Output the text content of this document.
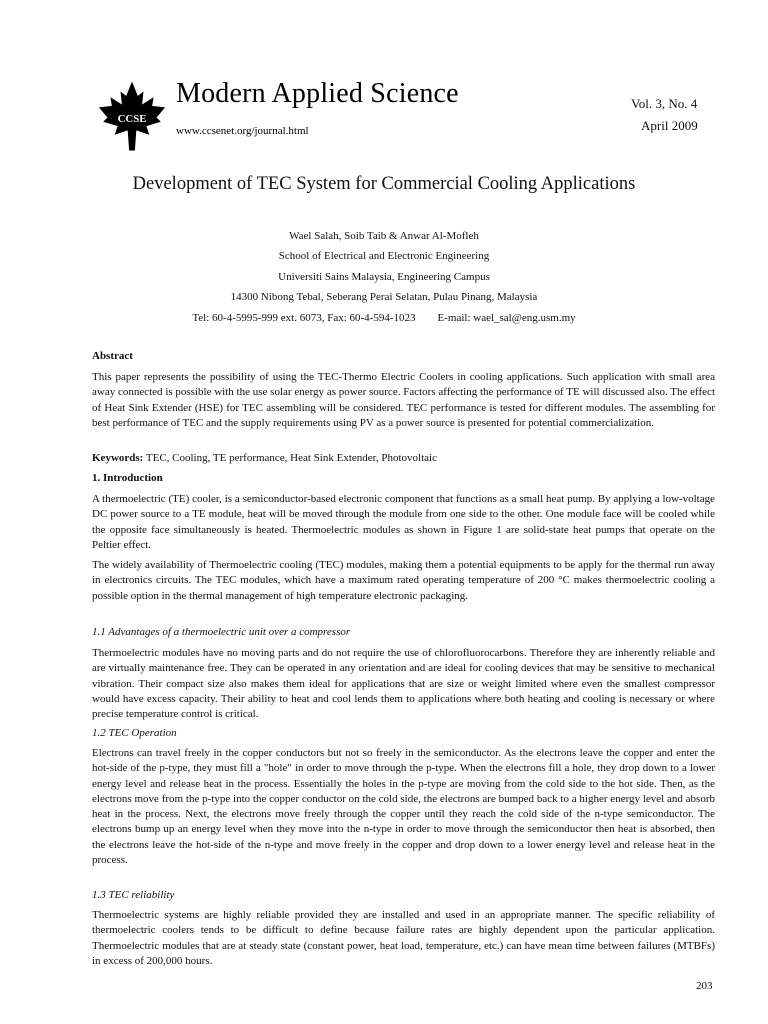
CCSE
Modern Applied Science
www.ccsenet.org/journal.html
Vol. 3, No. 4
April 2009
Development of TEC System for Commercial Cooling Applications
Wael Salah, Soib Taib & Anwar Al-Mofleh
School of Electrical and Electronic Engineering
Universiti Sains Malaysia, Engineering Campus
14300 Nibong Tebal, Seberang Perai Selatan, Pulau Pinang, Malaysia
Tel: 60-4-5995-999 ext. 6073, Fax: 60-4-594-1023 E-mail: wael_sal@eng.usm.my
Abstract

This paper represents the possibility of using the TEC-Thermo Electric Coolers in cooling applications. Such application with small area away connected is possible with the use solar energy as power source. Factors affecting the performance of TE will discussed also. The effect of Heat Sink Extender (HSE) for TEC assembling will be considered. TEC performance is tested for different modules. The assembling for best performance of TEC and the supply requirements using PV as a power source is presented for potential commercialization.

Keywords: TEC, Cooling, TE performance, Heat Sink Extender, Photovoltaic

1. Introduction

A thermoelectric (TE) cooler, is a semiconductor-based electronic component that functions as a small heat pump. By applying a low-voltage DC power source to a TE module, heat will be moved through the module from one side to the other. One module face will be cooled while the opposite face simultaneously is heated. Thermoelectric modules as shown in Figure 1 are solid-state heat pumps that operate on the Peltier effect.

The widely availability of Thermoelectric cooling (TEC) modules, making them a potential equipments to be apply for the thermal run away in electronics circuits. The TEC modules, which have a maximum rated operating temperature of 200 °C makes thermoelectric cooling a possible option in the thermal management of high temperature electronic packaging.

1.1 Advantages of a thermoelectric unit over a compressor

Thermoelectric modules have no moving parts and do not require the use of chlorofluorocarbons. Therefore they are inherently reliable and are virtually maintenance free. They can be operated in any orientation and are ideal for cooling devices that may be sensitive to mechanical vibration. Their compact size also makes them ideal for applications that are size or weight limited where even the smallest compressor would have excess capacity. Their ability to heat and cool lends them to applications where both heating and cooling is necessary or where precise temperature control is critical.

1.2 TEC Operation

Electrons can travel freely in the copper conductors but not so freely in the semiconductor. As the electrons leave the copper and enter the hot-side of the p-type, they must fill a "hole" in order to move through the p-type. When the electrons fill a hole, they drop down to a lower energy level and release heat in the process. Essentially the holes in the p-type are moving from the cold side to the hot side. Then, as the electrons move from the p-type into the copper conductor on the cold side, the electrons are bumped back to a higher energy level and absorb heat in the process. Next, the electrons move freely through the copper until they reach the cold side of the n-type semiconductor. The electrons bump up an energy level when they move into the n-type in order to move through the semiconductor then heat is absorbed, then the electrons leave the hot-side of the n-type and move freely in the copper and drop down to a lower energy level and release heat in the process.

1.3 TEC reliability

Thermoelectric systems are highly reliable provided they are installed and used in an appropriate manner. The specific reliability of thermoelectric coolers tends to be difficult to define because failure rates are highly dependent upon the particular application. Thermoelectric modules that are at steady state (constant power, heat load, temperature, etc.) can have mean time between failures (MTBFs) in excess of 200,000 hours.

203
